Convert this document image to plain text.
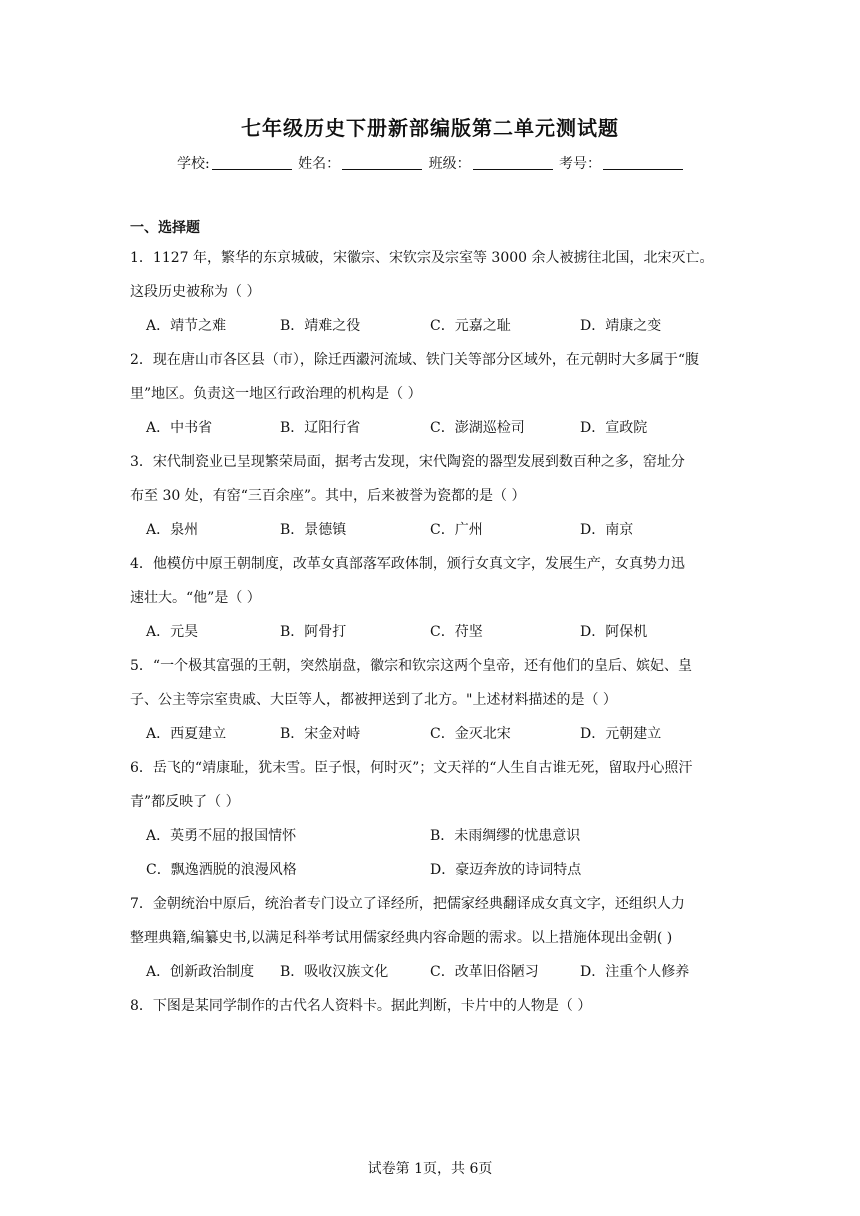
七年级历史下册新部编版第二单元测试题
学校:	姓名：	班级：	考号：
一、选择题
1．1127 年，繁华的东京城破，宋徽宗、宋钦宗及宗室等 3000 余人被掳往北国，北宋灭亡。
这段历史被称为（ ）
A．靖节之难	B．靖难之役	C．元嘉之耻	D．靖康之变
2．现在唐山市各区县（市），除迁西瀫河流域、铁门关等部分区域外，在元朝时大多属于“腹
里”地区。负责这一地区行政治理的机构是（ ）
A．中书省	B．辽阳行省	C．澎湖巡检司	D．宣政院
3．宋代制瓷业已呈现繁荣局面，据考古发现，宋代陶瓷的器型发展到数百种之多，窑址分
布至 30 处，有窑“三百余座”。其中，后来被誉为瓷都的是（ ）
A．泉州	B．景德镇	C．广州	D．南京
4．他模仿中原王朝制度，改革女真部落军政体制，颁行女真文字，发展生产，女真势力迅
速壮大。“他”是（ ）
A．元昊	B．阿骨打	C．苻坚	D．阿保机
5．“一个极其富强的王朝，突然崩盘，徽宗和钦宗这两个皇帝，还有他们的皇后、嫔妃、皇
子、公主等宗室贵戚、大臣等人，都被押送到了北方。"上述材料描述的是（ ）
A．西夏建立	B．宋金对峙	C．金灭北宋	D．元朝建立
6．岳飞的“靖康耻，犹未雪。臣子恨，何时灭”；文天祥的“人生自古谁无死，留取丹心照汗
青”都反映了（ ）
A．英勇不屈的报国情怀	B．未雨绸缪的忧患意识
C．飘逸洒脱的浪漫风格	D．豪迈奔放的诗词特点
7．金朝统治中原后，统治者专门设立了译经所，把儒家经典翻译成女真文字，还组织人力
整理典籍,编纂史书,以满足科举考试用儒家经典内容命题的需求。以上措施体现出金朝( )
A．创新政治制度 B．吸收汉族文化	C．改革旧俗陋习	D．注重个人修养
8．下图是某同学制作的古代名人资料卡。据此判断，卡片中的人物是（ ）
试卷第 1页，共 6页
